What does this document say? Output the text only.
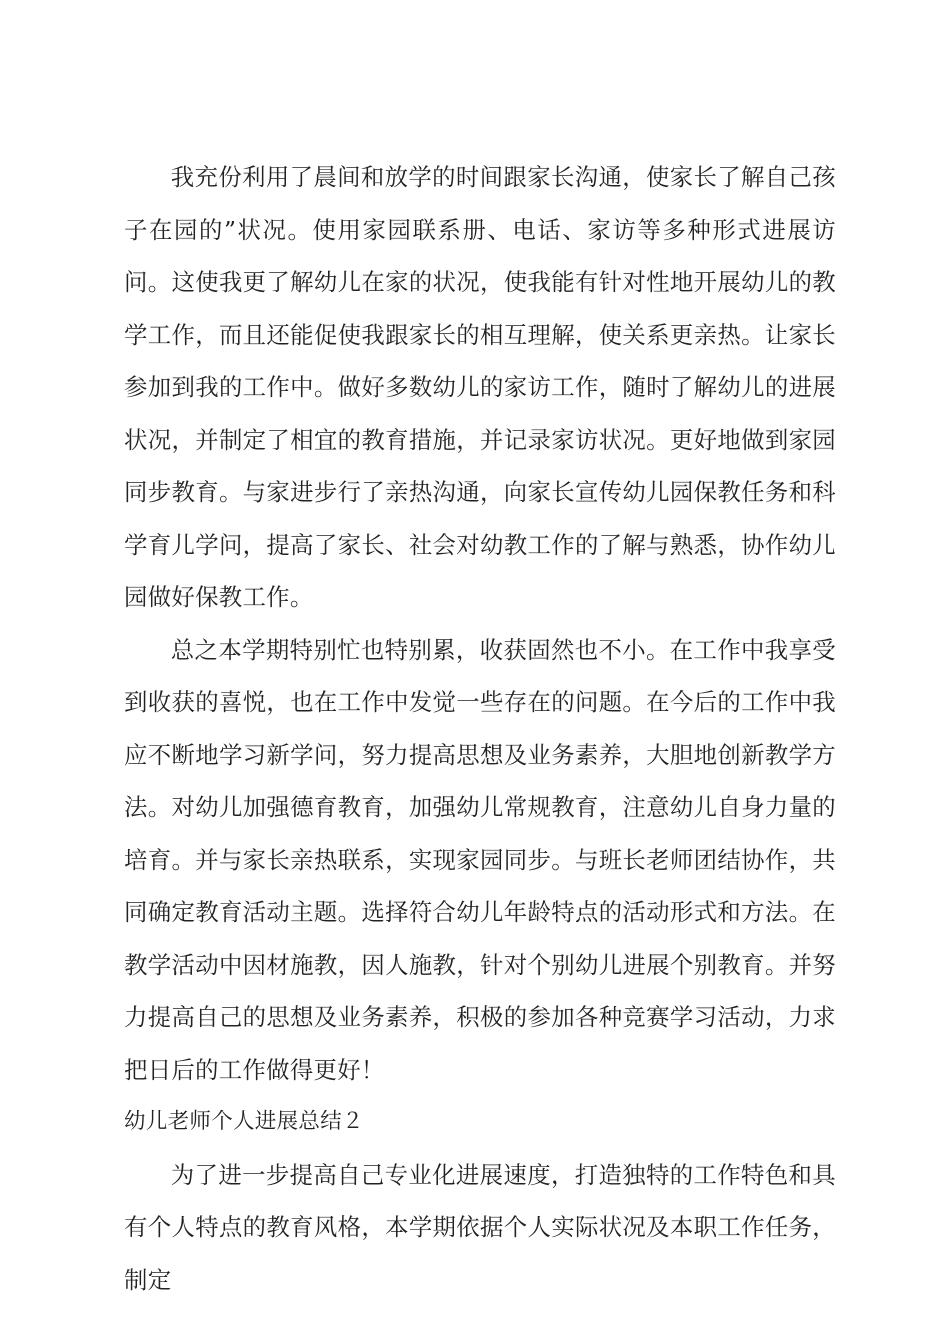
我充份利用了晨间和放学的时间跟家长沟通，使家长了解自己孩子在园的”状况。使用家园联系册、电话、家访等多种形式进展访问。这使我更了解幼儿在家的状况，使我能有针对性地开展幼儿的教学工作，而且还能促使我跟家长的相互理解，使关系更亲热。让家长参加到我的工作中。做好多数幼儿的家访工作，随时了解幼儿的进展状况，并制定了相宜的教育措施，并记录家访状况。更好地做到家园同步教育。与家进步行了亲热沟通，向家长宣传幼儿园保教任务和科学育儿学问，提高了家长、社会对幼教工作的了解与熟悉，协作幼儿园做好保教工作。

总之本学期特别忙也特别累，收获固然也不小。在工作中我享受到收获的喜悦，也在工作中发觉一些存在的问题。在今后的工作中我应不断地学习新学问，努力提高思想及业务素养，大胆地创新教学方法。对幼儿加强德育教育，加强幼儿常规教育，注意幼儿自身力量的培育。并与家长亲热联系，实现家园同步。与班长老师团结协作，共同确定教育活动主题。选择符合幼儿年龄特点的活动形式和方法。在教学活动中因材施教，因人施教，针对个别幼儿进展个别教育。并努力提高自己的思想及业务素养，积极的参加各种竞赛学习活动，力求把日后的工作做得更好！

幼儿老师个人进展总结２

为了进一步提高自己专业化进展速度，打造独特的工作特色和具有个人特点的教育风格，本学期依据个人实际状况及本职工作任务，制定
